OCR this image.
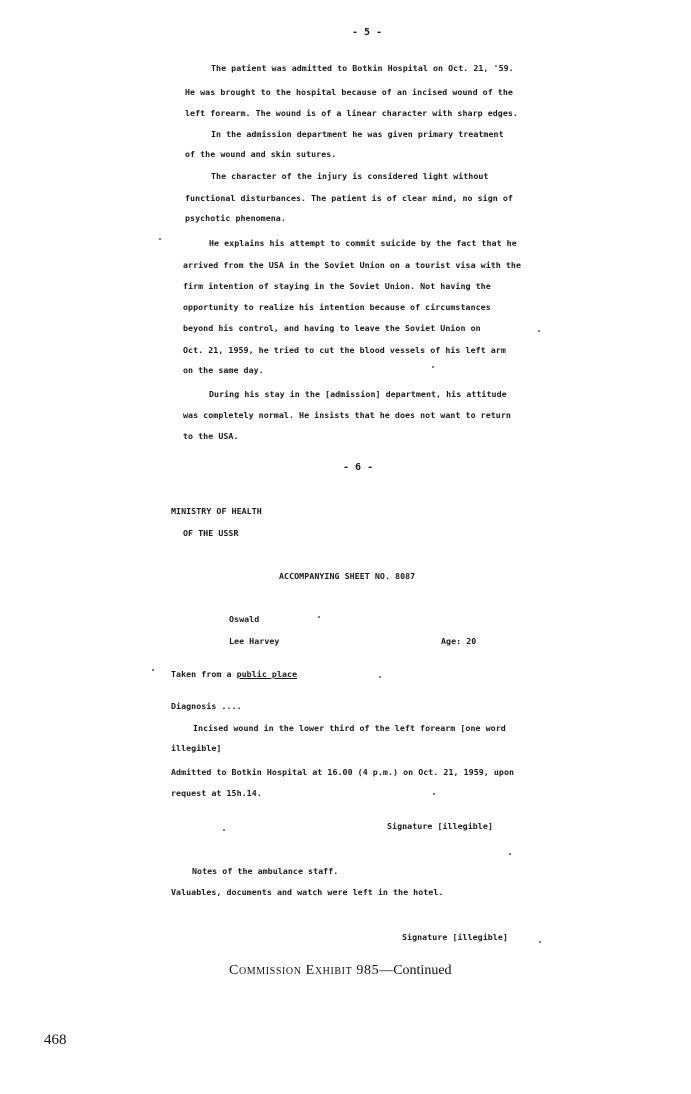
- 5 -
The patient was admitted to Botkin Hospital on Oct. 21, '59.
He was brought to the hospital because of an incised wound of the
left forearm. The wound is of a linear character with sharp edges.
In the admission department he was given primary treatment
of the wound and skin sutures.
The character of the injury is considered light without
functional disturbances. The patient is of clear mind, no sign of
psychotic phenomena.
He explains his attempt to commit suicide by the fact that he
arrived from the USA in the Soviet Union on a tourist visa with the
firm intention of staying in the Soviet Union. Not having the
opportunity to realize his intention because of circumstances
beyond his control, and having to leave the Soviet Union on
Oct. 21, 1959, he tried to cut the blood vessels of his left arm
on the same day.
During his stay in the [admission] department, his attitude
was completely normal. He insists that he does not want to return
to the USA.
- 6 -
MINISTRY OF HEALTH
OF THE USSR
ACCOMPANYING SHEET NO. 8087
Oswald
Lee Harvey	Age: 20
Taken from a public place
Diagnosis ....
Incised wound in the lower third of the left forearm [one word
illegible]
Admitted to Botkin Hospital at 16.00 (4 p.m.) on Oct. 21, 1959, upon
request at 15h.14.
Signature [illegible]
Notes of the ambulance staff.
Valuables, documents and watch were left in the hotel.
Signature [illegible]
Commission Exhibit 985—Continued
468
